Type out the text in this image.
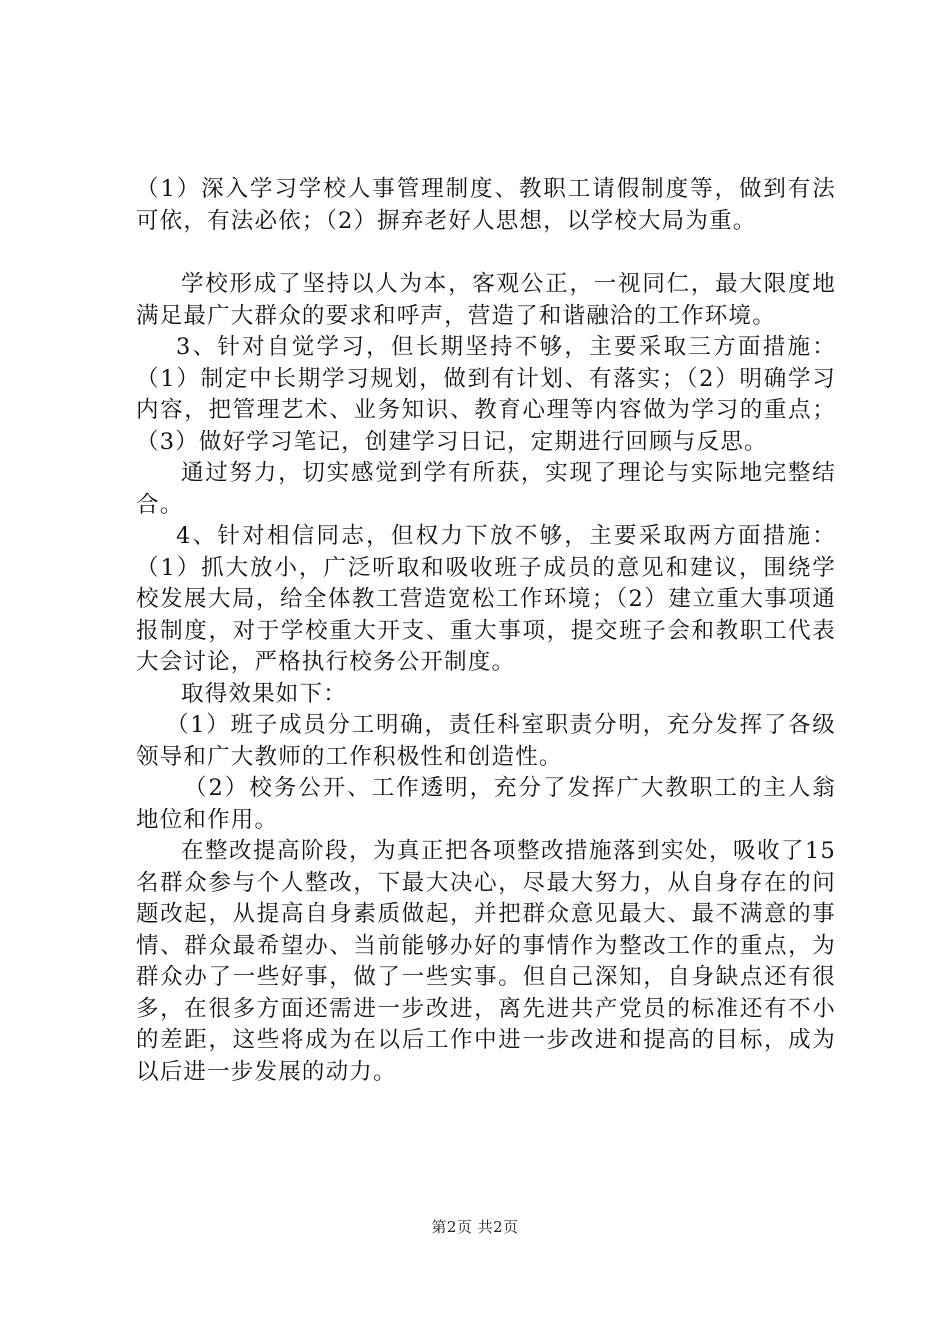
（1）深入学习学校人事管理制度、教职工请假制度等，做到有法可依，有法必依；（2）摒弃老好人思想，以学校大局为重。

学校形成了坚持以人为本，客观公正，一视同仁，最大限度地满足最广大群众的要求和呼声，营造了和谐融洽的工作环境。

3、针对自觉学习，但长期坚持不够，主要采取三方面措施：（1）制定中长期学习规划，做到有计划、有落实；（2）明确学习内容，把管理艺术、业务知识、教育心理等内容做为学习的重点；（3）做好学习笔记，创建学习日记，定期进行回顾与反思。

通过努力，切实感觉到学有所获，实现了理论与实际地完整结合。

4、针对相信同志，但权力下放不够，主要采取两方面措施：（1）抓大放小，广泛听取和吸收班子成员的意见和建议，围绕学校发展大局，给全体教工营造宽松工作环境；（2）建立重大事项通报制度，对于学校重大开支、重大事项，提交班子会和教职工代表大会讨论，严格执行校务公开制度。

取得效果如下：

（1）班子成员分工明确，责任科室职责分明，充分发挥了各级领导和广大教师的工作积极性和创造性。

（2）校务公开、工作透明，充分了发挥广大教职工的主人翁地位和作用。

在整改提高阶段，为真正把各项整改措施落到实处，吸收了15名群众参与个人整改，下最大决心，尽最大努力，从自身存在的问题改起，从提高自身素质做起，并把群众意见最大、最不满意的事情、群众最希望办、当前能够办好的事情作为整改工作的重点，为群众办了一些好事，做了一些实事。但自己深知，自身缺点还有很多，在很多方面还需进一步改进，离先进共产党员的标准还有不小的差距，这些将成为在以后工作中进一步改进和提高的目标，成为以后进一步发展的动力。

第2页 共2页
